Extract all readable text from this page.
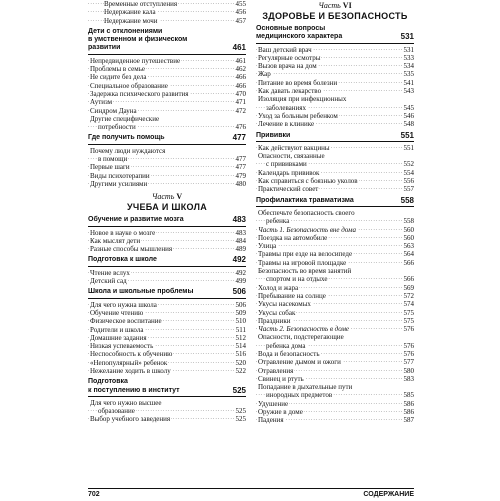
Временные отступления	455
. . .
Недержание кала	456
. . .
Недержание мочи	457
. . .
Дети с отклонениями
в умственном и физическом
развитии	461
Непредвиденное путешествие	461
. . .
Проблемы в семье	462
. . .
Не сидите без дела	466
. . .
Специальное образование	466
. . .
Задержка психического развития	470
. . .
Аутизм	471
. . .
Синдром Дауна	472
. . .
Другие специфические
потребности	476
. . .
Где получить помощь	477
Почему люди нуждаются
в помощи	477
. . .
Первые шаги	477
. . .
Виды психотерапии	479
. . .
Другими усилиями	480
. . .
Часть V
УЧЕБА И ШКОЛА
Обучение и развитие мозга	483
Новое в науке о мозге	483
. . .
Как мыслят дети	484
. . .
Разные способы мышления	489
. . .
Подготовка к школе	492
Чтение вслух	492
. . .
Детский сад	499
. . .
Школа и школьные проблемы	506
Для чего нужна школа	506
. . .
Обучение чтению	509
. . .
Физическое воспитание	510
. . .
Родители и школа	511
. . .
Домашние задания	512
. . .
Низкая успеваемость	514
. . .
Неспособность к обучению	516
. . .
«Непопулярный» ребенок	520
. . .
Нежелание ходить в школу	522
. . .
Подготовка
к поступлению в институт	525
Для чего нужно высшее
образование	525
. . .
Выбор учебного заведения	525
. . .
Часть VI
ЗДОРОВЬЕ И БЕЗОПАСНОСТЬ
Основные вопросы
медицинского характера	531
Ваш детский врач	531
. . .
Регулярные осмотры	533
. . .
Вызов врача на дом	534
. . .
Жар	535
. . .
Питание во время болезни	541
. . .
Как давать лекарство	543
. . .
Изоляция при инфекционных
заболеваниях	545
. . .
Уход за больным ребенком	546
. . .
Лечение в клинике	548
. . .
Прививки	551
Как действуют вакцины	551
. . .
Опасности, связанные
с прививками	552
. . .
Календарь прививок	554
. . .
Как справиться с боязнью уколов	556
. . .
Практический совет	557
. . .
Профилактика травматизма	558
Обеспечьте безопасность своего
ребенка	558
. . .
Часть 1. Безопасность вне дома	560
. . .
Поездка на автомобиле	560
. . .
Улица	563
. . .
Травмы при езде на велосипеде	564
. . .
Травмы на игровой площадке	566
. . .
Безопасность во время занятий
спортом и на отдыхе	566
. . .
Холод и жара	569
. . .
Пребывание на солнце	572
. . .
Укусы насекомых	574
. . .
Укусы собак	575
. . .
Праздники	575
. . .
Часть 2. Безопасность в доме	576
. . .
Опасности, подстерегающие
ребенка дома	576
. . .
Вода и безопасность	576
. . .
Отравление дымом и ожоги	577
. . .
Отравления	580
. . .
Свинец и ртуть	583
. . .
Попадание в дыхательные пути
инородных предметов	585
. . .
Удушение	586
. . .
Оружие в доме	586
. . .
Падения	587
. . .
702	СОДЕРЖАНИЕ
